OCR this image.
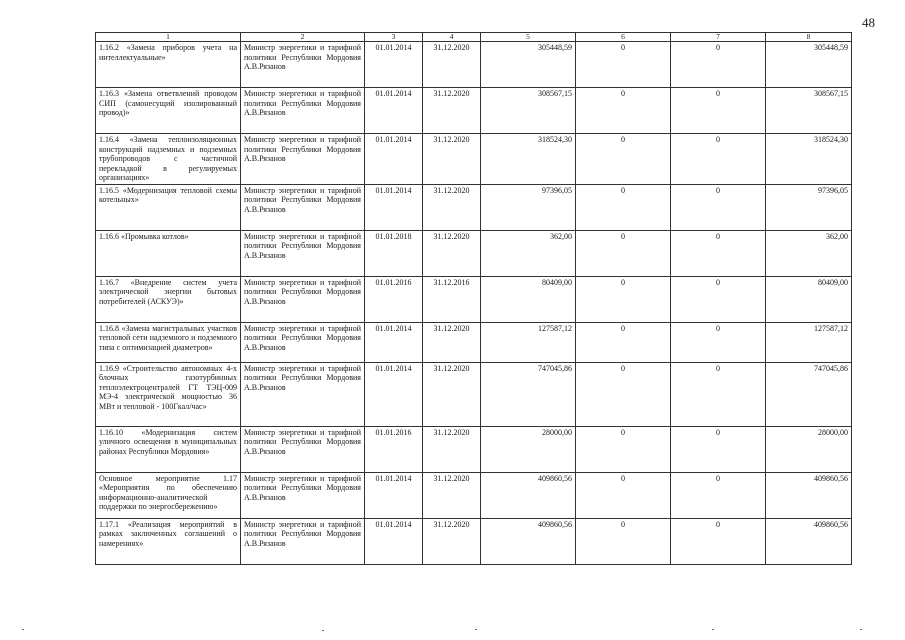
48
1	2	3	4	5	6	7	8
1.16.2 «Замена приборов учета на интеллектуальные»	Министр энергетики и тарифной политики Республики Мордовия А.В.Рязанов	01.01.2014	31.12.2020	305448,59	0	0	305448,59
1.16.3 «Замена ответвлений проводом СИП (самонесущий изолированный провод)»	Министр энергетики и тарифной политики Республики Мордовия А.В.Рязанов	01.01.2014	31.12.2020	308567,15	0	0	308567,15
1.16.4 «Замена теплоизоляционных конструкций надземных и подземных трубопроводов с частичной перекладкой в регулируемых организациях»	Министр энергетики и тарифной политики Республики Мордовия А.В.Рязанов	01.01.2014	31.12.2020	318524,30	0	0	318524,30
1.16.5 «Модернизация тепловой схемы котельных»	Министр энергетики и тарифной политики Республики Мордовия А.В.Рязанов	01.01.2014	31.12.2020	97396,05	0	0	97396,05
1.16.6 «Промывка котлов»	Министр энергетики и тарифной политики Республики Мордовия А.В.Рязанов	01.01.2018	31.12.2020	362,00	0	0	362,00
1.16.7 «Внедрение систем учета электрической энергии бытовых потребителей (АСКУЭ)»	Министр энергетики и тарифной политики Республики Мордовия А.В.Рязанов	01.01.2016	31.12.2016	80409,00	0	0	80409,00
1.16.8 «Замена магистральных участков тепловой сети надземного и подземного типа с оптимизацией диаметров»	Министр энергетики и тарифной политики Республики Мордовия А.В.Рязанов	01.01.2014	31.12.2020	127587,12	0	0	127587,12
1.16.9 «Строительство автономных 4-х блочных газотурбинных теплоэлектроцентралей ГТ ТЭЦ-009 МЭ-4 электрической мощностью 36 МВт и тепловой - 100Гкал/час»	Министр энергетики и тарифной политики Республики Мордовия А.В.Рязанов	01.01.2014	31.12.2020	747045,86	0	0	747045,86
1.16.10 «Модернизация систем уличного освещения в муниципальных районах Республики Мордовия»	Министр энергетики и тарифной политики Республики Мордовия А.В.Рязанов	01.01.2016	31.12.2020	28000,00	0	0	28000,00
Основное мероприятие 1.17 «Мероприятия по обеспечению информационно-аналитической поддержки по энергосбережению»	Министр энергетики и тарифной политики Республики Мордовия А.В.Рязанов	01.01.2014	31.12.2020	409860,56	0	0	409860,56
1.17.1 «Реализация мероприятий в рамках заключенных соглашений о намерениях»	Министр энергетики и тарифной политики Республики Мордовия А.В.Рязанов	01.01.2014	31.12.2020	409860,56	0	0	409860,56
